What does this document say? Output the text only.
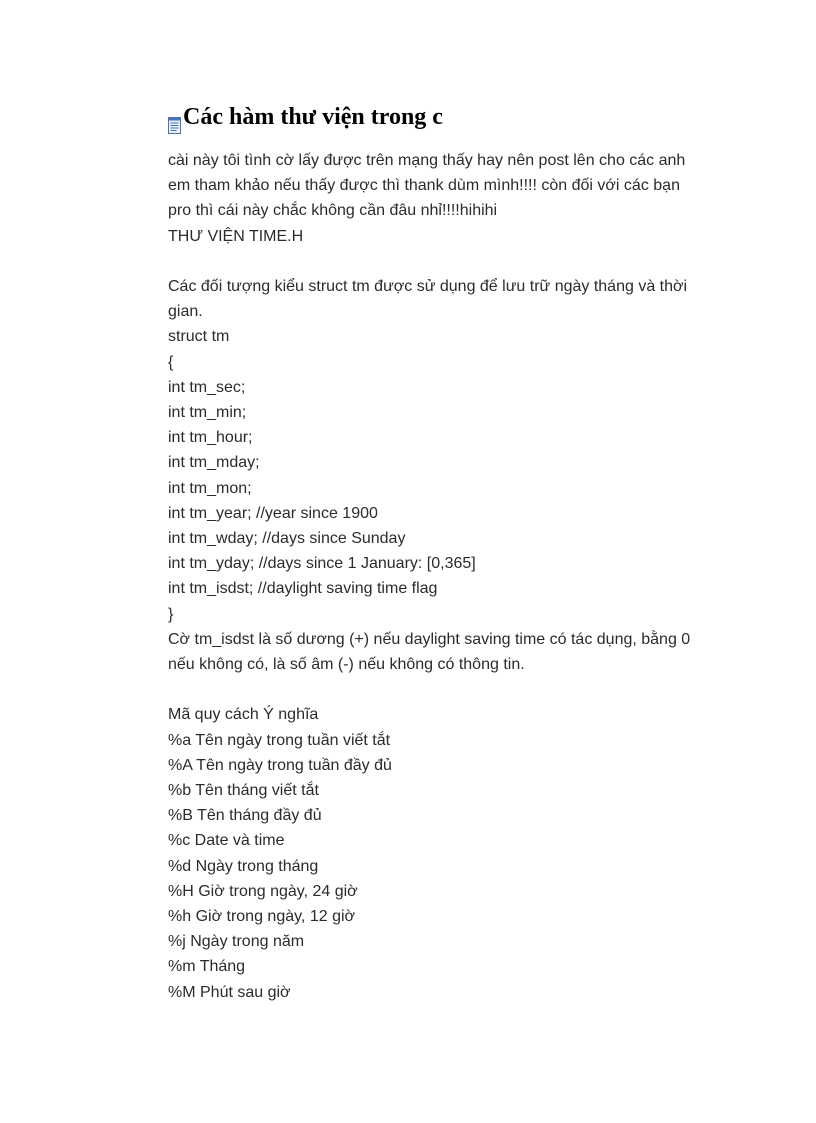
Các hàm thư viện trong c
cài này tôi tình cờ lấy được trên mạng thấy hay nên post lên cho các anh
em tham khảo nếu thấy được thì thank dùm mình!!!! còn đối với các bạn
pro thì cái này chắc không cần đâu nhỉ!!!!hihihi
THƯ VIỆN TIME.H
Các đối tượng kiểu struct tm được sử dụng để lưu trữ ngày tháng và thời
gian.
struct tm
{
int tm_sec;
int tm_min;
int tm_hour;
int tm_mday;
int tm_mon;
int tm_year; //year since 1900
int tm_wday; //days since Sunday
int tm_yday; //days since 1 January: [0,365]
int tm_isdst; //daylight saving time flag
}
Cờ tm_isdst là số dương (+) nếu daylight saving time có tác dụng, bằng 0
nếu không có, là số âm (-) nếu không có thông tin.
Mã quy cách Ý nghĩa
%a Tên ngày trong tuần viết tắt
%A Tên ngày trong tuần đầy đủ
%b Tên tháng viết tắt
%B Tên tháng đầy đủ
%c Date và time
%d Ngày trong tháng
%H Giờ trong ngày, 24 giờ
%h Giờ trong ngày, 12 giờ
%j Ngày trong năm
%m Tháng
%M Phút sau giờ
